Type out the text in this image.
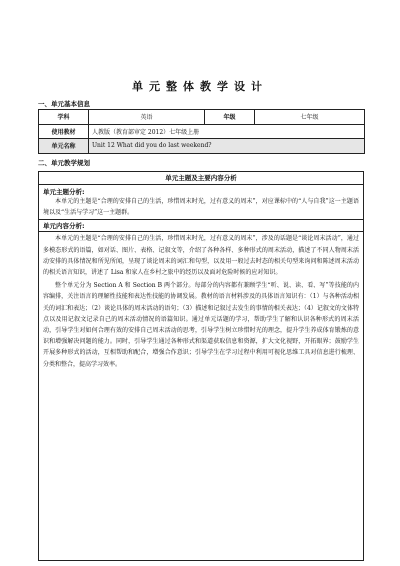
单元整体教学设计
一、单元基本信息
学科	英语	年级	七年级
使用教材	人教版（教育部审定 2012）七年级上册		
单元名称	Unit 12 What did you do last weekend?		
二、单元教学规划
单元主题及主要内容分析
单元主题分析:
本单元的主题是“合理的安排自己的生活，珍惜周末时光，过有意义的周末”，对应课标中的“人与自我”这一主题语境以及“生活与学习”这一主题群。
单元内容分析:
本单元的主题是“合理的安排自己的生活，珍惜周末时光，过有意义的周末”，涉及的话题是“谈论周末活动”，通过多模态形式的语篇，如对话、图片、表格、记叙文等，介绍了各种各样、多种形式的周末活动，描述了不同人物周末活动安排的具体情况和所见所闻，呈现了谈论周末的词汇和句型，以及用一般过去时态的相关句型来询问和陈述周末活动的相关语言知识，讲述了 Lisa 和家人在乡村之旅中的经历以及面对危险时候的应对知识。
整个单元分为 Section A 和 Section B 两个部分。每部分的内容都有兼顾学生“听、说、读、看、写”等技能的内容编排，关注语言的理解性技能和表达性技能的协调发展。教材的语言材料涉及的具体语言知识有：（1）与各种活动相关的词汇和表达；（2）谈论具体的周末活动的语句；（3）描述和记叙过去发生的事情的相关表达；（4）记叙文的文体特点以及用记叙文记录自己的周末活动情况的语篇知识。通过单元话题的学习，帮助学生了解和认识各种形式的周末活动，引导学生对如何合理有效的安排自己周末活动的思考，引导学生树立珍惜时光的理念，提升学生养成体育锻炼的意识和增强解决问题的能力。同时，引导学生通过各种形式和渠道获取信息和资源，扩大文化视野，开拓眼界；鼓励学生开展多种形式的活动，互相帮助和配合，增强合作意识；引导学生在学习过程中利用可视化思维工具对信息进行梳理、分类和整合，提高学习效率。
